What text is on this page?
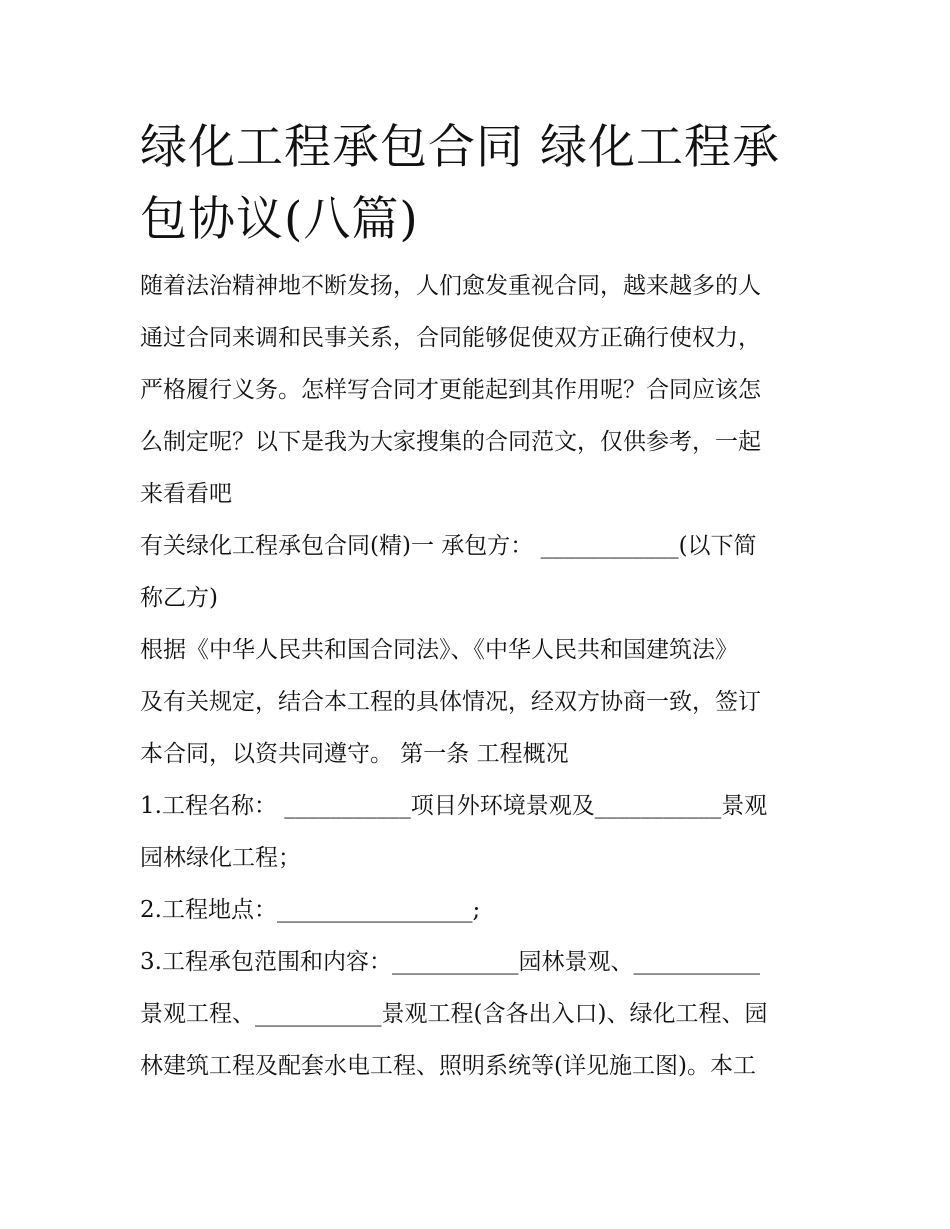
绿化工程承包合同 绿化工程承
包协议(八篇)

随着法治精神地不断发扬，人们愈发重视合同，越来越多的人
通过合同来调和民事关系，合同能够促使双方正确行使权力，
严格履行义务。怎样写合同才更能起到其作用呢？合同应该怎
么制定呢？以下是我为大家搜集的合同范文，仅供参考，一起
来看看吧

有关绿化工程承包合同(精)一 承包方： ____________(以下简
称乙方)

根据《中华人民共和国合同法》、《中华人民共和国建筑法》
及有关规定，结合本工程的具体情况，经双方协商一致，签订
本合同，以资共同遵守。 第一条 工程概况

1.工程名称： ___________项目外环境景观及___________景观
园林绿化工程；

2.工程地点：_________________;

3.工程承包范围和内容：___________园林景观、___________
景观工程、___________景观工程(含各出入口)、绿化工程、园
林建筑工程及配套水电工程、照明系统等(详见施工图)。本工
